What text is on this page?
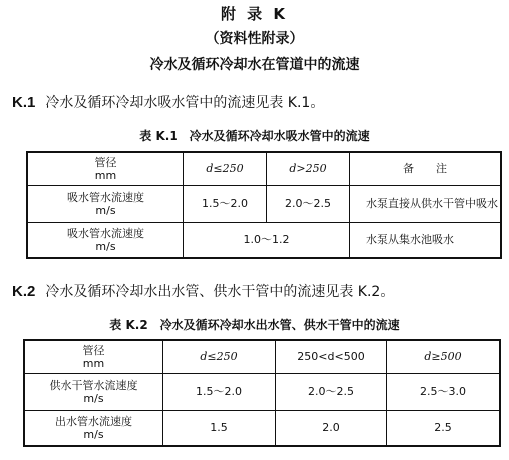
附 录 K
（资料性附录）
冷水及循环冷却水在管道中的流速
K.1 冷水及循环冷却水吸水管中的流速见表 K.1。
表 K.1　冷水及循环冷却水吸水管中的流速
管径
mm	d≤250	d>250	备　　注

吸水管水流速度
m/s	1.5～2.0	2.0～2.5	水泵直接从供水干管中吸水

吸水管水流速度
m/s	1.0～1.2		水泵从集水池吸水
K.2 冷水及循环冷却水出水管、供水干管中的流速见表 K.2。
表 K.2　冷水及循环冷却水出水管、供水干管中的流速
管径
mm	d≤250	250<d<500	d≥500

供水干管水流速度
m/s	1.5～2.0	2.0～2.5	2.5～3.0

出水管水流速度
m/s	1.5	2.0	2.5
